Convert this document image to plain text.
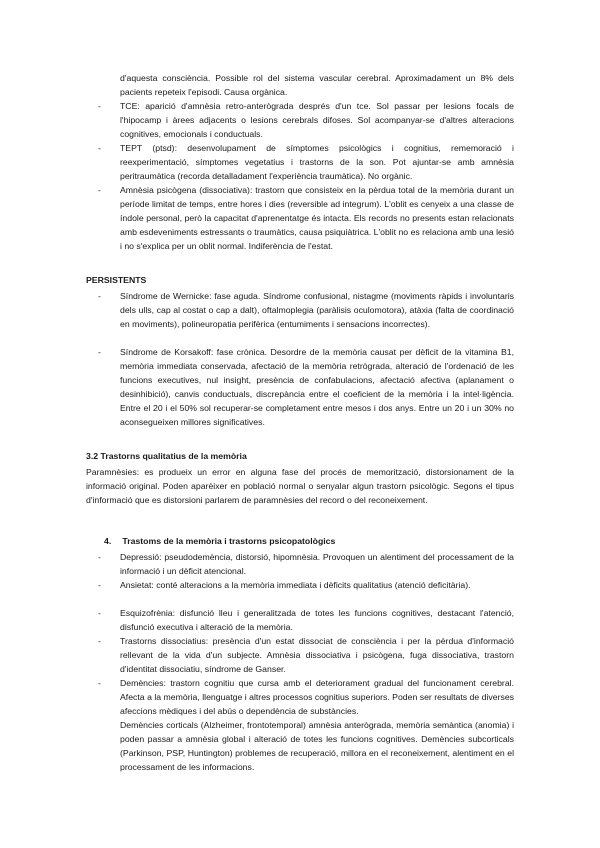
d'aquesta consciència. Possible rol del sistema vascular cerebral. Aproximadament un 8% dels pacients repeteix l'episodi. Causa orgànica.
- TCE: aparició d'amnèsia retro-anterògrada després d'un tce. Sol passar per lesions focals de l'hipocamp i àrees adjacents o lesions cerebrals difoses. Sol acompanyar-se d'altres alteracions cognitives, emocionals i conductuals.
- TEPT (ptsd): desenvolupament de símptomes psicològics i cognitius, rememoració i reexperimentació, símptomes vegetatius i trastorns de la son. Pot ajuntar-se amb amnèsia peritraumàtica (recorda detalladament l'experiència traumàtica). No orgànic.
- Amnèsia psicògena (dissociativa): trastorn que consisteix en la pèrdua total de la memòria durant un període limitat de temps, entre hores i dies (reversible ad integrum). L'oblit es cenyeix a una classe de índole personal, però la capacitat d'aprenentatge és intacta. Els records no presents estan relacionats amb esdeveniments estressants o traumàtics, causa psiquiàtrica. L'oblit no es relaciona amb una lesió i no s'explica per un oblit normal. Indiferència de l'estat.
PERSISTENTS
- Síndrome de Wernicke: fase aguda. Síndrome confusional, nistagme (moviments ràpids i involuntaris dels ulls, cap al costat o cap a dalt), oftalmoplegia (paràlisis oculomotora), atàxia (falta de coordinació en moviments), polineuropatia perifèrica (entumiments i sensacions incorrectes).
- Síndrome de Korsakoff: fase crònica. Desordre de la memòria causat per dèficit de la vitamina B1, memòria immediata conservada, afectació de la memòria retrògrada, alteració de l'ordenació de les funcions executives, nul insight, presència de confabulacions, afectació afectiva (aplanament o desinhibició), canvis conductuals, discrepància entre el coeficient de la memòria i la intel·ligència. Entre el 20 i el 50% sol recuperar-se completament entre mesos i dos anys. Entre un 20 i un 30% no aconsegueixen millores significatives.
3.2 Trastorns qualitatius de la memòria
Paramnèsies: es produeix un error en alguna fase del procés de memorització, distorsionament de la informació original. Poden aparèixer en població normal o senyalar algun trastorn psicològic. Segons el tipus d'informació que es distorsioni parlarem de paramnèsies del record o del reconeixement.
4. Trastoms de la memòria i trastorns psicopatològics
- Depressió: pseudodemència, distorsió, hipomnèsia. Provoquen un alentiment del processament de la informació i un dèficit atencional.
- Ansietat: conté alteracions a la memòria immediata i dèficits qualitatius (atenció deficitària).
- Esquizofrènia: disfunció lleu i generalitzada de totes les funcions cognitives, destacant l'atenció, disfunció executiva i alteració de la memòria.
- Trastorns dissociatius: presència d'un estat dissociat de consciència i per la pèrdua d'informació rellevant de la vida d'un subjecte. Amnèsia dissociativa i psicògena, fuga dissociativa, trastorn d'identitat dissociatiu, síndrome de Ganser.
- Demències: trastorn cognitiu que cursa amb el deteriorament gradual del funcionament cerebral. Afecta a la memòria, llenguatge i altres processos cognitius superiors. Poden ser resultats de diverses afeccions mèdiques i del abús o dependència de substàncies.
Demències corticals (Alzheimer, frontotemporal) amnèsia anterògrada, memòria semàntica (anomia) i poden passar a amnèsia global i alteració de totes les funcions cognitives. Demències subcorticals (Parkinson, PSP, Huntington) problemes de recuperació, millora en el reconeixement, alentiment en el processament de les informacions.
